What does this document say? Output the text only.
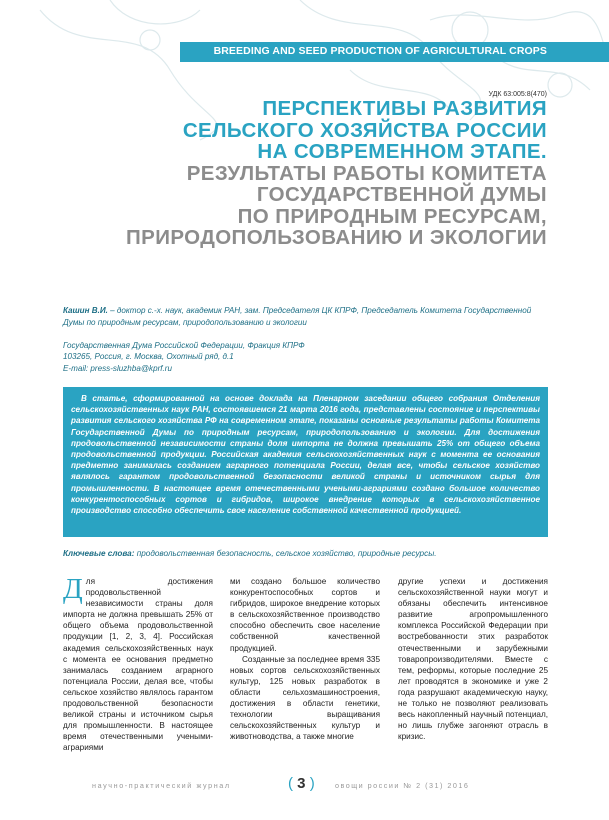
BREEDING AND SEED PRODUCTION OF AGRICULTURAL CROPS
УДК 63:005:8(470)
ПЕРСПЕКТИВЫ РАЗВИТИЯ
СЕЛЬСКОГО ХОЗЯЙСТВА РОССИИ
НА СОВРЕМЕННОМ ЭТАПЕ.
РЕЗУЛЬТАТЫ РАБОТЫ КОМИТЕТА
ГОСУДАРСТВЕННОЙ ДУМЫ
ПО ПРИРОДНЫМ РЕСУРСАМ,
ПРИРОДОПОЛЬЗОВАНИЮ И ЭКОЛОГИИ
Кашин В.И. – доктор с.-х. наук, академик РАН, зам. Председателя ЦК КПРФ, Председатель Комитета Государственной Думы по природным ресурсам, природопользованию и экологии
Государственная Дума Российской Федерации, Фракция КПРФ
103265, Россия, г. Москва, Охотный ряд, д.1
E-mail: press-sluzhba@kprf.ru

В статье, сформированной на основе доклада на Пленарном заседании общего собрания Отделения сельскохозяйственных наук РАН, состоявшемся 21 марта 2016 года, представлены состояние и перспективы развития сельского хозяйства РФ на современном этапе, показаны основные результаты работы Комитета Государственной Думы по природным ресурсам, природопользованию и экологии. Для достижения продовольственной независимости страны доля импорта не должна превышать 25% от общего объема продовольственной продукции. Российская академия сельскохозяйственных наук с момента ее основания предметно занималась созданием аграрного потенциала России, делая все, чтобы сельское хозяйство являлось гарантом продовольственной безопасности великой страны и источником сырья для промышленности. В настоящее время отечественными учеными-аграриями создано большое количество конкурентоспособных сортов и гибридов, широкое внедрение которых в сельскохозяйственное производство способно обеспечить свое население собственной качественной продукцией.

Ключевые слова: продовольственная безопасность, сельское хозяйство, природные ресурсы.
Д ля достижения продовольственной независимости страны доля импорта не должна превышать 25% от общего объема продовольственной продукции [1, 2, 3, 4]. Российская академия сельскохозяйственных наук с момента ее основания предметно занималась созданием аграрного потенциала России, делая все, чтобы сельское хозяйство являлось гарантом продовольственной безопасности великой страны и источником сырья для промышленности. В настоящее время отечественными учеными-аграриями

ми создано большое количество конкурентоспособных сортов и гибридов, широкое внедрение которых в сельскохозяйственное производство способно обеспечить свое население собственной качественной продукцией.

Созданные за последнее время 335 новых сортов сельскохозяйственных культур, 125 новых разработок в области сельхозмашиностроения, достижения в области генетики, технологии выращивания сельскохозяйственных культур и животноводства, а также многие

другие успехи и достижения сельскохозяйственной науки могут и обязаны обеспечить интенсивное развитие агропромышленного комплекса Российской Федерации при востребованности этих разработок отечественными и зарубежными товаропроизводителями. Вместе с тем, реформы, которые последние 25 лет проводятся в экономике и уже 2 года разрушают академическую науку, не только не позволяют реализовать весь накопленный научный потенциал, но лишь глубже загоняют отрасль в кризис.

научно-практический журнал	( 3 )	овощи россии № 2 (31) 2016
